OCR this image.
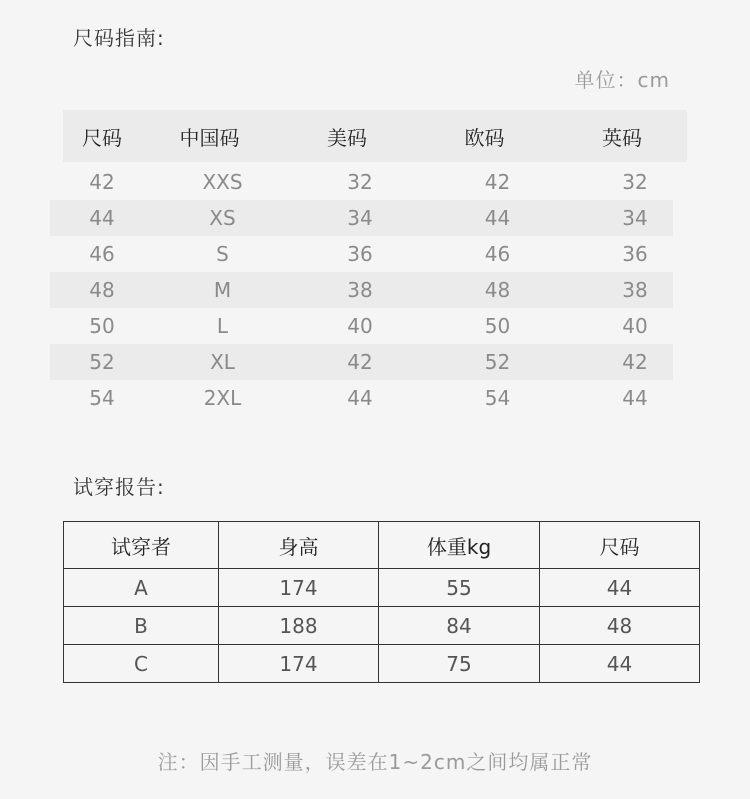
尺码指南:
单位：cm
尺码	中国码	美码	欧码	英码
42	XXS	32	42	32
44	XS	34	44	34
46	S	36	46	36
48	M	38	48	38
50	L	40	50	40
52	XL	42	52	42
54	2XL	44	54	44
试穿报告:
试穿者	身高	体重kg	尺码
A	174	55	44
B	188	84	48
C	174	75	44
注：因手工测量，误差在1~2cm之间均属正常
